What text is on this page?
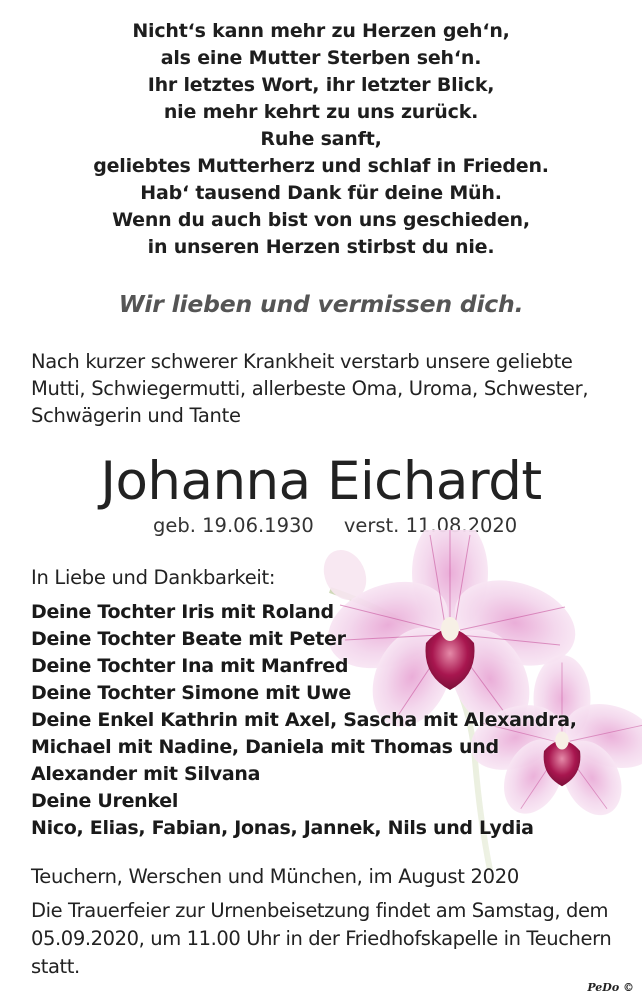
Nicht‘s kann mehr zu Herzen geh‘n,
als eine Mutter Sterben seh‘n.
Ihr letztes Wort, ihr letzter Blick,
nie mehr kehrt zu uns zurück.
Ruhe sanft,
geliebtes Mutterherz und schlaf in Frieden.
Hab‘ tausend Dank für deine Müh.
Wenn du auch bist von uns geschieden,
in unseren Herzen stirbst du nie.
Wir lieben und vermissen dich.
Nach kurzer schwerer Krankheit verstarb unsere geliebte
Mutti, Schwiegermutti, allerbeste Oma, Uroma, Schwester,
Schwägerin und Tante
Johanna Eichardt
geb. 19.06.1930 verst. 11.08.2020
In Liebe und Dankbarkeit:
Deine Tochter Iris mit Roland
Deine Tochter Beate mit Peter
Deine Tochter Ina mit Manfred
Deine Tochter Simone mit Uwe
Deine Enkel Kathrin mit Axel, Sascha mit Alexandra,
Michael mit Nadine, Daniela mit Thomas und
Alexander mit Silvana
Deine Urenkel
Nico, Elias, Fabian, Jonas, Jannek, Nils und Lydia
Teuchern, Werschen und München, im August 2020
Die Trauerfeier zur Urnenbeisetzung findet am Samstag, dem
05.09.2020, um 11.00 Uhr in der Friedhofskapelle in Teuchern
statt.
PeDo ©
